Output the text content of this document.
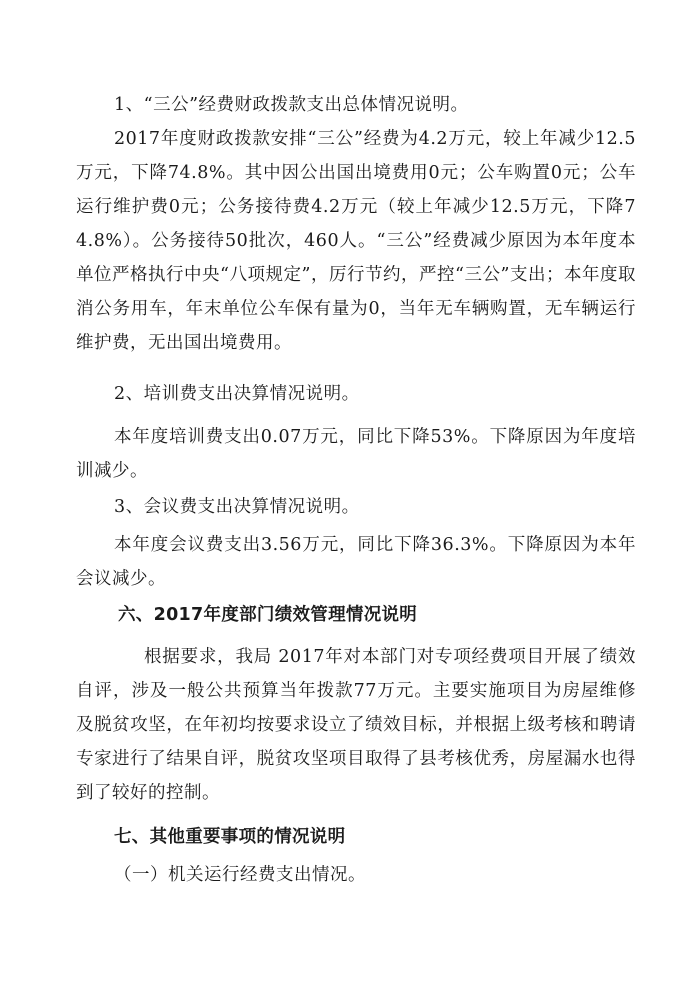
1、“三公”经费财政拨款支出总体情况说明。
2017年度财政拨款安排“三公”经费为4.2万元，较上年减少12.5万元，下降74.8%。其中因公出国出境费用0元；公车购置0元；公车运行维护费0元；公务接待费4.2万元（较上年减少12.5万元，下降74.8%）。公务接待50批次，460人。“三公”经费减少原因为本年度本单位严格执行中央“八项规定”，厉行节约，严控“三公”支出；本年度取消公务用车，年末单位公车保有量为0，当年无车辆购置，无车辆运行维护费，无出国出境费用。
2、培训费支出决算情况说明。
本年度培训费支出0.07万元，同比下降53%。下降原因为年度培训减少。
3、会议费支出决算情况说明。
本年度会议费支出3.56万元，同比下降36.3%。下降原因为本年会议减少。
六、2017年度部门绩效管理情况说明
根据要求，我局 2017年对本部门对专项经费项目开展了绩效自评，涉及一般公共预算当年拨款77万元。主要实施项目为房屋维修及脱贫攻坚，在年初均按要求设立了绩效目标，并根据上级考核和聘请专家进行了结果自评，脱贫攻坚项目取得了县考核优秀，房屋漏水也得到了较好的控制。
七、其他重要事项的情况说明
（一）机关运行经费支出情况。
